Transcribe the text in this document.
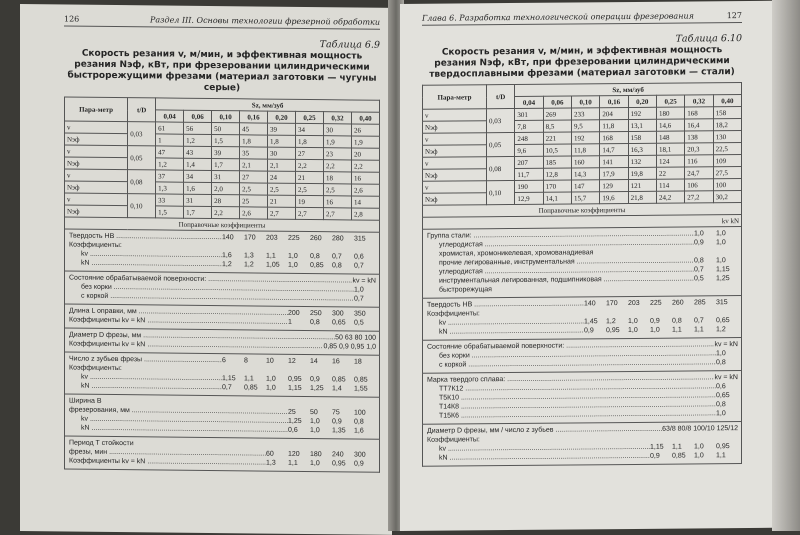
126	Раздел III. Основы технологии фрезерной обработки
Таблица 6.9
Скорость резания v, м/мин, и эффективная мощность резания Nэф, кВт, при фрезеровании цилиндрическими быстрорежущими фрезами (материал заготовки — чугуны серые)
Пара-метр	t/D	Sz, мм/зуб							
		0,04	0,06	0,10	0,16	0,20	0,25	0,32	0,40
v	0,03	61	56	50	45	39	34	30	26
Nэф		1	1,2	1,5	1,8	1,8	1,8	1,9	1,9
v	0,05	47	43	39	35	30	27	23	20
Nэф		1,2	1,4	1,7	2,1	2,1	2,2	2,2	2,2
v	0,08	37	34	31	27	24	21	18	16
Nэф		1,3	1,6	2,0	2,5	2,5	2,5	2,5	2,6
v	0,10	33	31	28	25	21	19	16	14
Nэф		1,5	1,7	2,2	2,6	2,7	2,7	2,7	2,8
Поправочные коэффициенты									
Твердость HB .....	140	170	203	225	260	280	315
Коэффициенты:
kv .....	1,6	1,3	1,1	1,0	0,8	0,7	0,6
kN .....	1,2	1,2	1,05	1,0	0,85	0,8	0,7
Состояние обрабатываемой поверхности: .....	kv = kN
без корки .....	1,0
с коркой .....	0,7
Длина L оправки, мм .....	200	250	300	350
Коэффициенты kv = kN .....	1	0,8	0,65	0,5
Диаметр D фрезы, мм .....	50 63 80 100
Коэффициенты kv = kN .....	0,85 0,9 0,95 1,0
Число z зубьев фрезы .....	6	8	10	12	14	16	18
Коэффициенты:
kv .....	1,15	1,1	1,0	0,95	0,9	0,85	0,85
kN .....	0,7	0,85	1,0	1,15	1,25	1,4	1,55
Ширина B
фрезерования, мм .....	25	50	75	100
kv .....	1,25	1,0	0,9	0,8
kN .....	0,6	1,0	1,35	1,6
Период T стойкости
фрезы, мин .....	60	120	180	240	300
Коэффициенты kv = kN .....	1,3	1,1	1,0	0,95	0,9
Глава 6. Разработка технологической операции фрезерования	127
Таблица 6.10
Скорость резания v, м/мин, и эффективная мощность резания Nэф, кВт, при фрезеровании цилиндрическими твердосплавными фрезами (материал заготовки — стали)
Пара-метр	t/D	Sz, мм/зуб							
		0,04	0,06	0,10	0,16	0,20	0,25	0,32	0,40
v	0,03	301	269	233	204	192	180	168	158
Nэф		7,8	8,5	9,5	11,8	13,1	14,6	16,4	18,2
v	0,05	248	221	192	168	158	148	138	130
Nэф		9,6	10,5	11,8	14,7	16,3	18,1	20,3	22,5
v	0,08	207	185	160	141	132	124	116	109
Nэф		11,7	12,8	14,3	17,9	19,8	22	24,7	27,5
v	0,10	190	170	147	129	121	114	106	100
Nэф		12,9	14,1	15,7	19,6	21,8	24,2	27,2	30,2
Поправочные коэффициенты									
kv kN									
Группа стали: .....	1,0	1,0
углеродистая .....	0,9	1,0
хромистая, хромоникелевая, хромованадиевая
прочие легированные, инструментальная .....	0,8	1,0
углеродистая .....	0,7	1,15
инструментальная легированная, подшипниковая .....	0,5	1,25
быстрорежущая
Твердость HB .....	140	170	203	225	260	285	315
Коэффициенты:
kv .....	1,45	1,2	1,0	0,9	0,8	0,7	0,65
kN .....	0,9	0,95	1,0	1,0	1,1	1,1	1,2
Состояние обрабатываемой поверхности: .....	kv = kN
без корки .....	1,0
с коркой .....	0,8
Марка твердого сплава: .....	kv = kN
ТТ7К12 .....	0,6
Т5К10 .....	0,65
Т14К8 .....	0,8
Т15К6 .....	1,0
Диаметр D фрезы, мм / число z зубьев .....	63/8 80/8 100/10 125/12
Коэффициенты:
kv .....	1,15	1,1	1,0	0,95
kN .....	0,9	0,85	1,0	1,1
